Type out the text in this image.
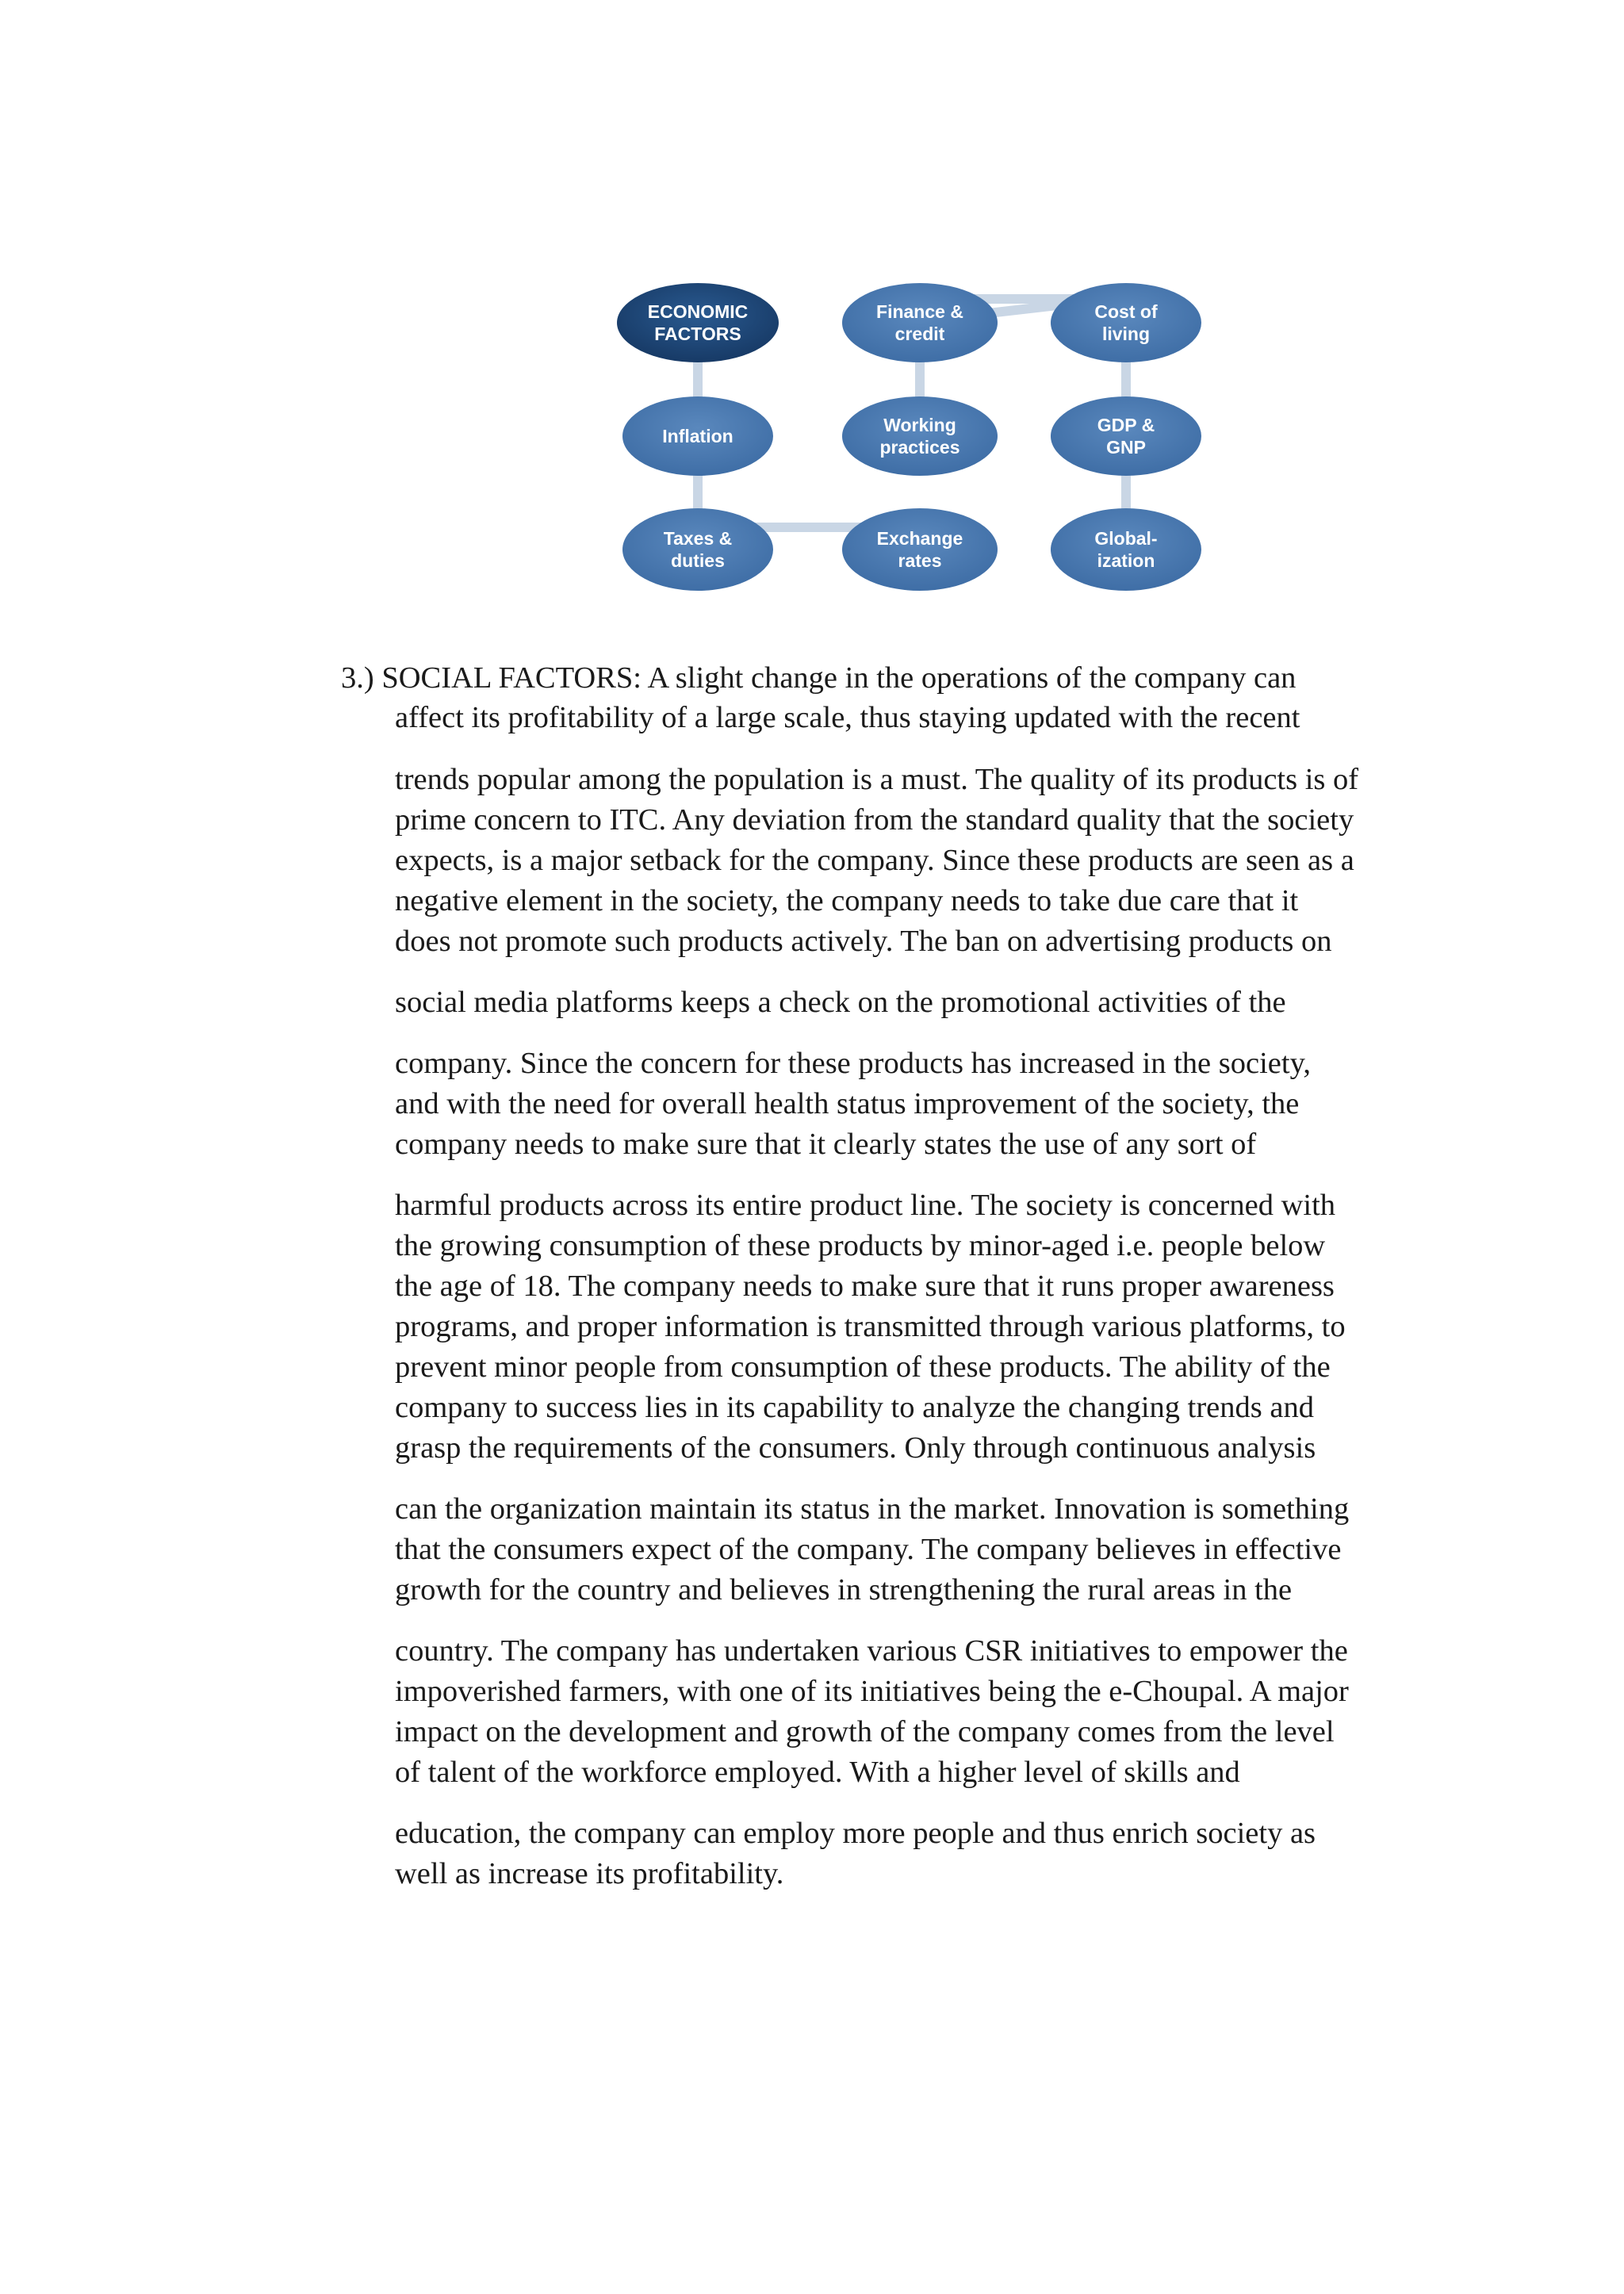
ECONOMIC
FACTORS
Finance &
credit
Cost of
living
Inflation
Working
practices
GDP &
GNP
Taxes &
duties
Exchange
rates
Global-
ization
3.) SOCIAL FACTORS: A slight change in the operations of the company can
affect its profitability of a large scale, thus staying updated with the recent
trends popular among the population is a must. The quality of its products is of
prime concern to ITC. Any deviation from the standard quality that the society
expects, is a major setback for the company. Since these products are seen as a
negative element in the society, the company needs to take due care that it
does not promote such products actively. The ban on advertising products on
social media platforms keeps a check on the promotional activities of the
company. Since the concern for these products has increased in the society,
and with the need for overall health status improvement of the society, the
company needs to make sure that it clearly states the use of any sort of
harmful products across its entire product line. The society is concerned with
the growing consumption of these products by minor-aged i.e. people below
the age of 18. The company needs to make sure that it runs proper awareness
programs, and proper information is transmitted through various platforms, to
prevent minor people from consumption of these products. The ability of the
company to success lies in its capability to analyze the changing trends and
grasp the requirements of the consumers. Only through continuous analysis
can the organization maintain its status in the market. Innovation is something
that the consumers expect of the company. The company believes in effective
growth for the country and believes in strengthening the rural areas in the
country. The company has undertaken various CSR initiatives to empower the
impoverished farmers, with one of its initiatives being the e-Choupal. A major
impact on the development and growth of the company comes from the level
of talent of the workforce employed. With a higher level of skills and
education, the company can employ more people and thus enrich society as
well as increase its profitability.
